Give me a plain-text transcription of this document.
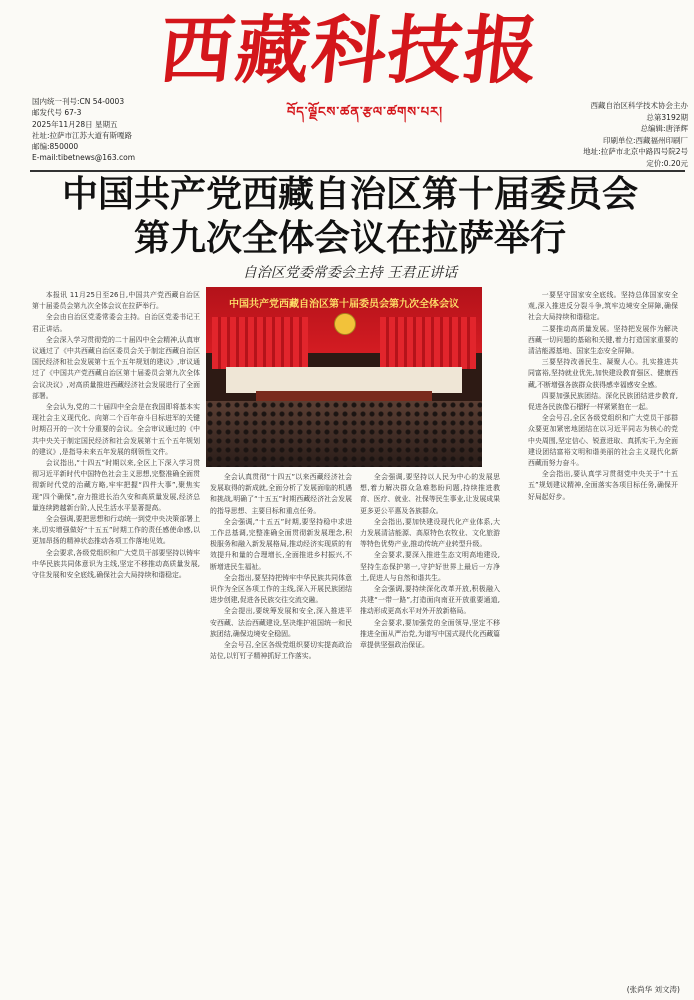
西藏科技报
བོད་ལྗོངས་ཚན་རྩལ་ཚགས་པར།
国内统一刊号:CN 54-0003
邮发代号 67-3
2025年11月28日 星期五
社址:拉萨市江苏大道有斯嘎路
邮编:850000
E-mail:tibetnews@163.com
西藏自治区科学技术协会主办
总第3192期
总编辑:唐泽辉
印刷单位:西藏福州印刷厂
地址:拉萨市北京中路四号院2号
定价:0.20元
中国共产党西藏自治区第十届委员会
第九次全体会议在拉萨举行
自治区党委常委会主持 王君正讲话
中国共产党西藏自治区第十届委员会第九次全体会议

本报讯 11月25日至26日,中国共产党西藏自治区第十届委员会第九次全体会议在拉萨举行。

全会由自治区党委常委会主持。自治区党委书记王君正讲话。

全会深入学习贯彻党的二十届四中全会精神,认真审议通过了《中共西藏自治区委员会关于制定西藏自治区国民经济和社会发展第十五个五年规划的建议》,审议通过了《中国共产党西藏自治区第十届委员会第九次全体会议决议》,对高质量推进西藏经济社会发展进行了全面部署。

全会认为,党的二十届四中全会是在我国即将基本实现社会主义现代化、向第二个百年奋斗目标进军的关键时期召开的一次十分重要的会议。全会审议通过的《中共中央关于制定国民经济和社会发展第十五个五年规划的建议》,是指导未来五年发展的纲领性文件。

会议指出,“十四五”时期以来,全区上下深入学习贯彻习近平新时代中国特色社会主义思想,完整准确全面贯彻新时代党的治藏方略,牢牢把握“四件大事”,聚焦实现“四个确保”,奋力推进长治久安和高质量发展,经济总量连续跨越新台阶,人民生活水平显著提高。

全会强调,要把思想和行动统一到党中央决策部署上来,切实增强做好“十五五”时期工作的责任感使命感,以更加昂扬的精神状态推动各项工作落地见效。

全会要求,各级党组织和广大党员干部要坚持以铸牢中华民族共同体意识为主线,坚定不移推动高质量发展,守住发展和安全底线,确保社会大局持续和谐稳定。

全会认真贯彻“十四五”以来西藏经济社会发展取得的新成就,全面分析了发展面临的机遇和挑战,明确了“十五五”时期西藏经济社会发展的指导思想、主要目标和重点任务。

全会强调,“十五五”时期,要坚持稳中求进工作总基调,完整准确全面贯彻新发展理念,积极服务和融入新发展格局,推动经济实现质的有效提升和量的合理增长,全面推进乡村振兴,不断增进民生福祉。

全会指出,要坚持把铸牢中华民族共同体意识作为全区各项工作的主线,深入开展民族团结进步创建,促进各民族交往交流交融。

全会提出,要统筹发展和安全,深入推进平安西藏、法治西藏建设,坚决维护祖国统一和民族团结,确保边境安全稳固。

全会号召,全区各级党组织要切实提高政治站位,以钉钉子精神抓好工作落实。

全会强调,要坚持以人民为中心的发展思想,着力解决群众急难愁盼问题,持续推进教育、医疗、就业、社保等民生事业,让发展成果更多更公平惠及各族群众。

全会指出,要加快建设现代化产业体系,大力发展清洁能源、高原特色农牧业、文化旅游等特色优势产业,推动传统产业转型升级。

全会要求,要深入推进生态文明高地建设,坚持生态保护第一,守护好世界上最后一方净土,促进人与自然和谐共生。

全会强调,要持续深化改革开放,积极融入共建“一带一路”,打造面向南亚开放重要通道,推动形成更高水平对外开放新格局。

全会要求,要加强党的全面领导,坚定不移推进全面从严治党,为谱写中国式现代化西藏篇章提供坚强政治保证。

一要坚守国家安全底线。坚持总体国家安全观,深入推进反分裂斗争,筑牢边境安全屏障,确保社会大局持续和谐稳定。

二要推动高质量发展。坚持把发展作为解决西藏一切问题的基础和关键,着力打造国家重要的清洁能源基地、国家生态安全屏障。

三要坚持改善民生、凝聚人心。扎实推进共同富裕,坚持就业优先,加快建设教育强区、健康西藏,不断增强各族群众获得感幸福感安全感。

四要加强民族团结。深化民族团结进步教育,促进各民族像石榴籽一样紧紧抱在一起。

全会号召,全区各级党组织和广大党员干部群众要更加紧密地团结在以习近平同志为核心的党中央周围,坚定信心、锐意进取、真抓实干,为全面建设团结富裕文明和谐美丽的社会主义现代化新西藏而努力奋斗。

全会指出,要认真学习贯彻党中央关于“十五五”规划建议精神,全面落实各项目标任务,确保开好局起好步。

(张尚华 刘文涛)
